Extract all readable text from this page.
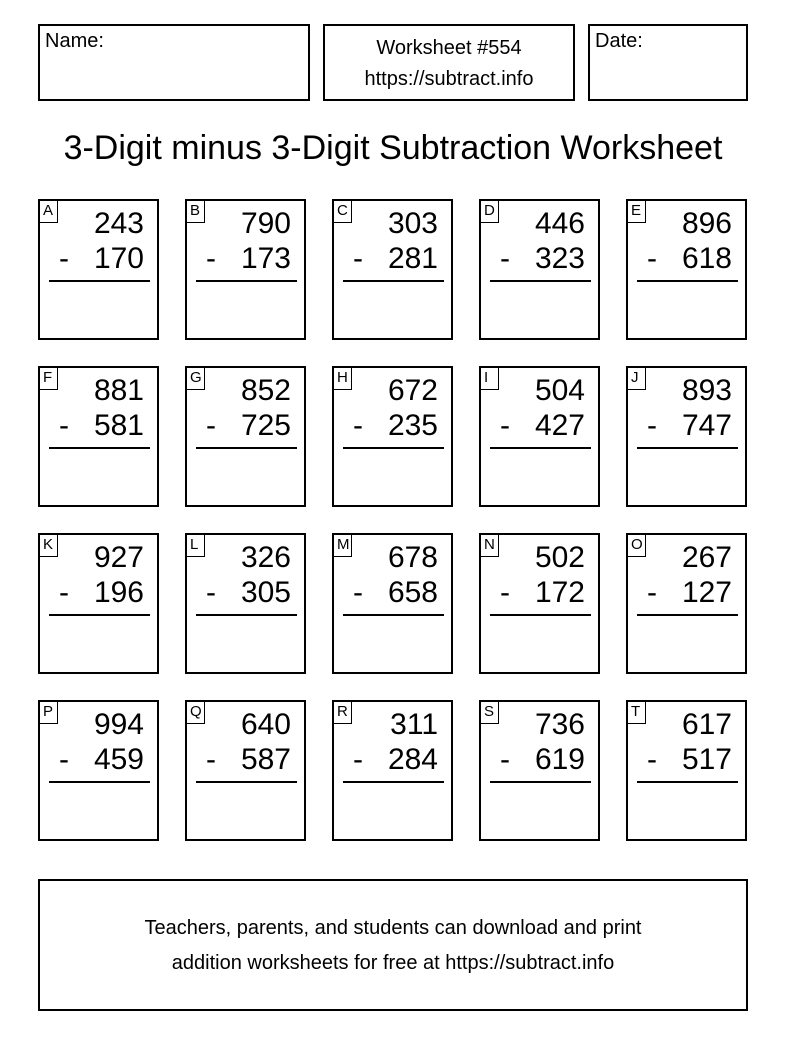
Name:	Worksheet #554
https://subtract.info
Date:
3-Digit minus 3-Digit Subtraction Worksheet
A 243
- 170
B 790
- 173
C 303
- 281
D 446
- 323
E 896
- 618
F 881
- 581
G 852
- 725
H 672
- 235
I	504
- 427
J 893
- 747
K 927
- 196
L 326
- 305
M 678
- 658
N 502
- 172
O 267
- 127
P 994
- 459
Q 640
- 587
R 311
- 284
S 736
- 619
T 617
- 517
Teachers, parents, and students can download and print
addition worksheets for free at https://subtract.info
